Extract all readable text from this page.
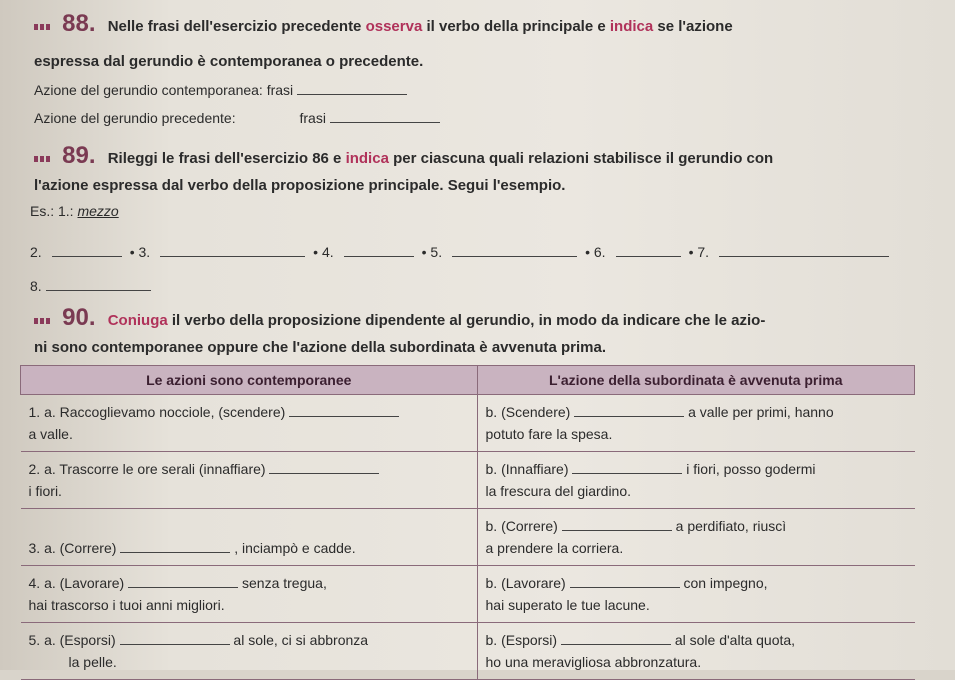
88. Nelle frasi dell'esercizio precedente osserva il verbo della principale e indica se l'azione
espressa dal gerundio è contemporanea o precedente.
Azione del gerundio contemporanea: frasi
Azione del gerundio precedente:	frasi
89. Rileggi le frasi dell'esercizio 86 e indica per ciascuna quali relazioni stabilisce il gerundio con
l'azione espressa dal verbo della proposizione principale. Segui l'esempio.
Es.: 1.: mezzo
2.	• 3.	• 4.	• 5.	• 6.	• 7.
8.
90. Coniuga il verbo della proposizione dipendente al gerundio, in modo da indicare che le azio-
ni sono contemporanee oppure che l'azione della subordinata è avvenuta prima.
Le azioni sono contemporanee	L'azione della subordinata è avvenuta prima
1. a. Raccoglievamo nocciole, (scendere)
a valle.	b. (Scendere) a valle per primi, hanno
potuto fare la spesa.
2. a. Trascorre le ore serali (innaffiare)
i fiori.	b. (Innaffiare) i fiori, posso godermi
la frescura del giardino.

3. a. (Correre) , inciampò e cadde.	b. (Correre) a perdifiato, riuscì
a prendere la corriera.
4. a. (Lavorare) senza tregua,
hai trascorso i tuoi anni migliori.	b. (Lavorare) con impegno,
hai superato le tue lacune.
5. a. (Esporsi) al sole, ci si abbronza
la pelle.	b. (Esporsi) al sole d'alta quota,
ho una meravigliosa abbronzatura.
